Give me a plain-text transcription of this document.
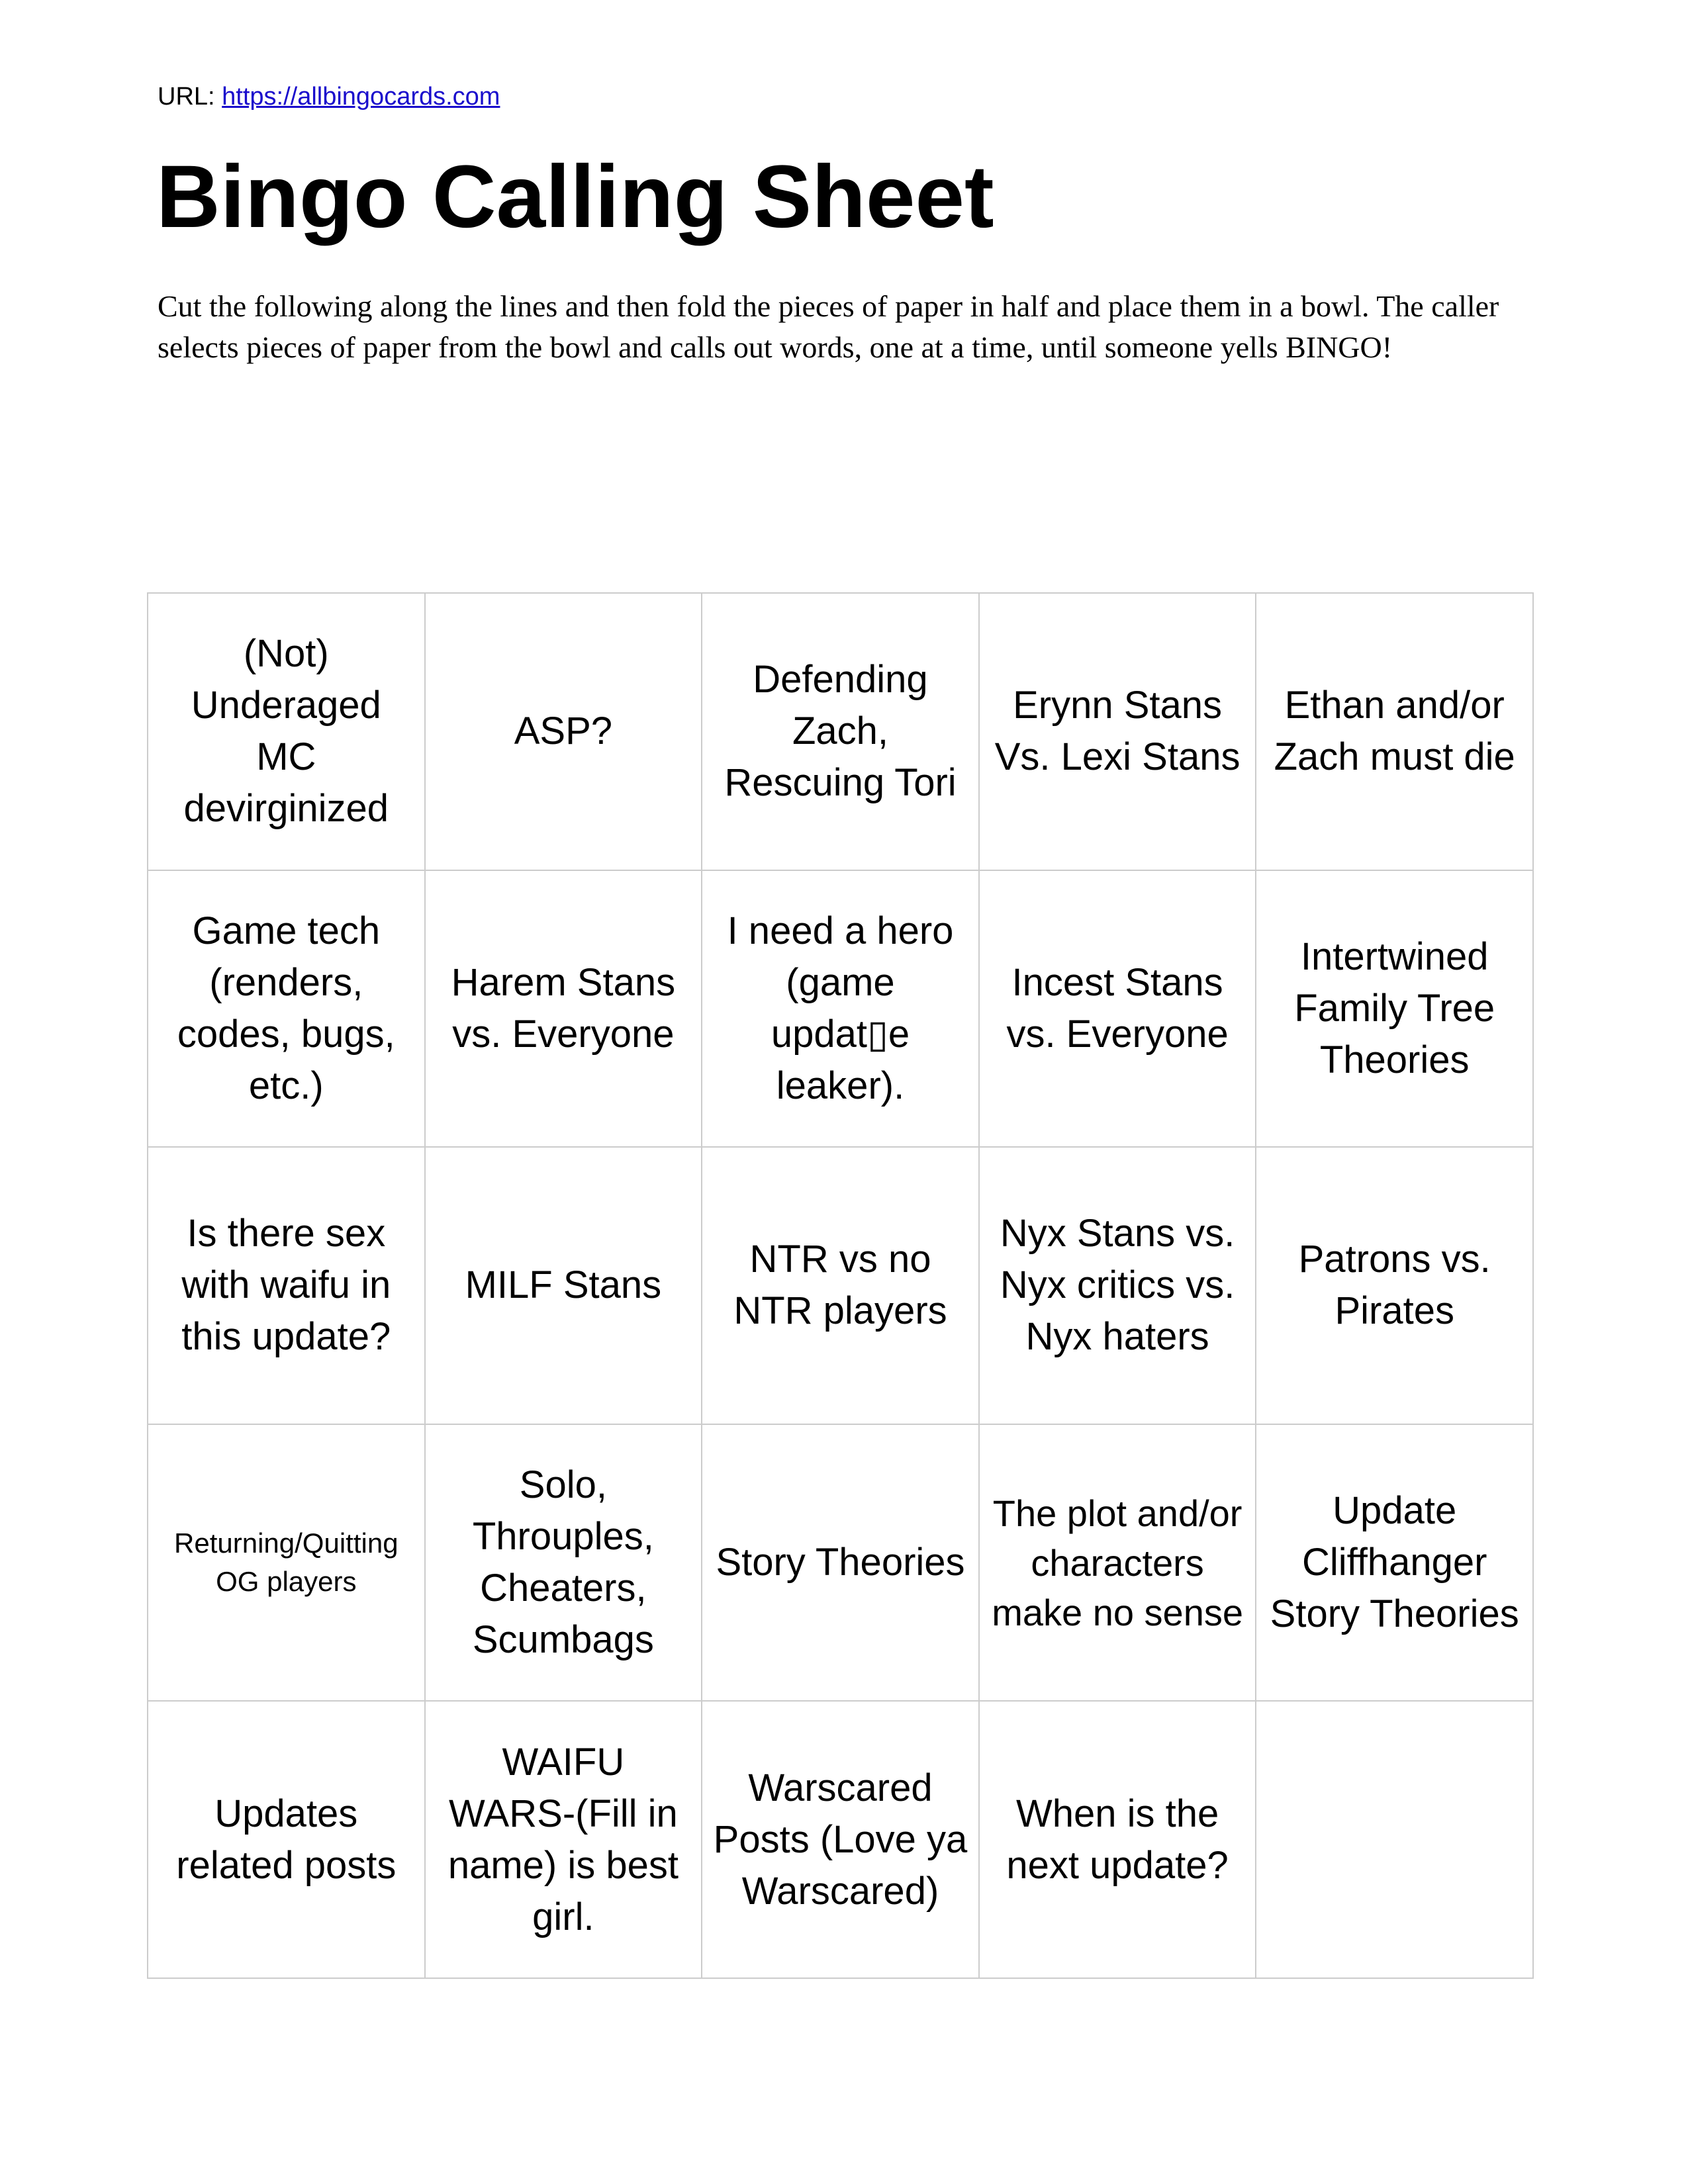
URL: https://allbingocards.com
Bingo Calling Sheet

Cut the following along the lines and then fold the pieces of paper in half and place them in a bowl. The caller selects pieces of paper from the bowl and calls out words, one at a time, until someone yells BINGO!

(Not) Underaged MC devirginized
ASP?
Defending Zach, Rescuing Tori
Erynn Stans Vs. Lexi Stans
Ethan and/or Zach must die
Game tech (renders, codes, bugs, etc.)
Harem Stans vs. Everyone
I need a hero (game updat▯e leaker).
Incest Stans vs. Everyone
Intertwined Family Tree Theories
Is there sex with waifu in this update?
MILF Stans
NTR vs no NTR players
Nyx Stans vs. Nyx critics vs. Nyx haters
Patrons vs. Pirates
Returning/Quitting OG players
Solo, Throuples, Cheaters, Scumbags
Story Theories
The plot and/or characters make no sense
Update Cliffhanger Story Theories
Updates related posts
WAIFU WARS-(Fill in name) is best girl.
Warscared Posts (Love ya Warscared)
When is the next update?
